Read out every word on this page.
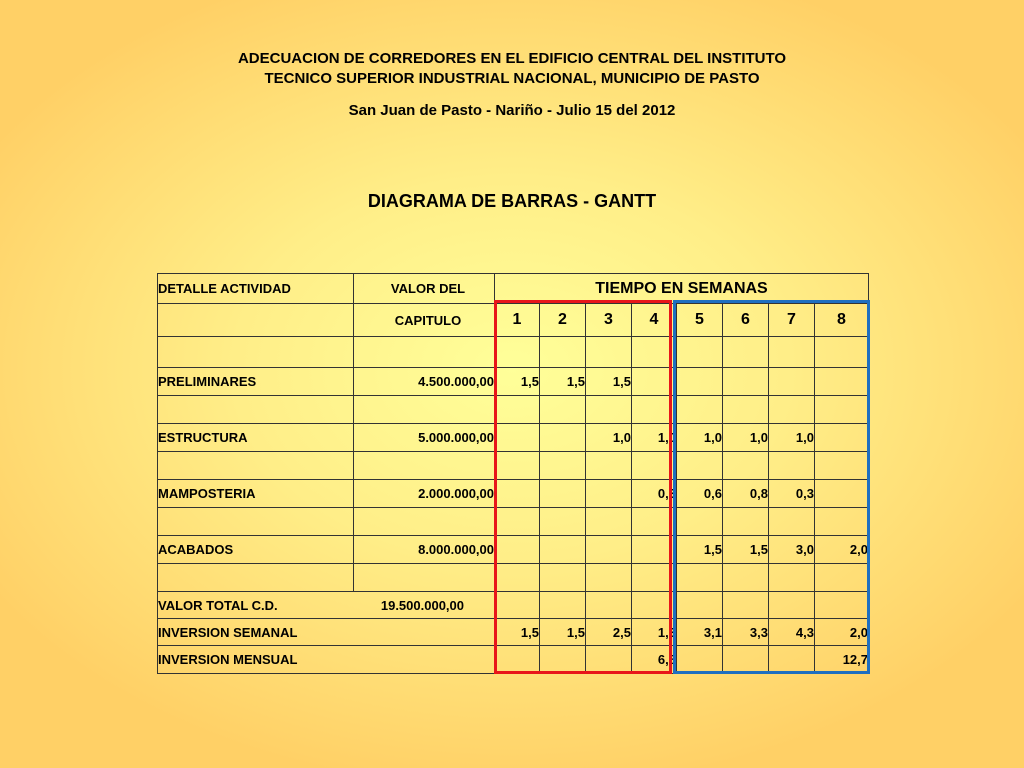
ADECUACION DE CORREDORES EN EL EDIFICIO CENTRAL DEL INSTITUTO
TECNICO SUPERIOR INDUSTRIAL NACIONAL, MUNICIPIO DE PASTO
San Juan de Pasto - Nariño - Julio 15 del 2012
DIAGRAMA DE BARRAS - GANTT
DETALLE ACTIVIDAD	VALOR DEL	TIEMPO EN SEMANAS							
	CAPITULO	1	2	3	4	5	6	7	8

PRELIMINARES	4.500.000,00	1,5	1,5	1,5					

ESTRUCTURA	5.000.000,00			1,0	1,0	1,0	1,0	1,0	

MAMPOSTERIA	2.000.000,00				0,3	0,6	0,8	0,3	

ACABADOS	8.000.000,00					1,5	1,5	3,0	2,0

VALOR TOTAL C.D. 19.500.000,00									

INVERSION SEMANAL		1,5	1,5	2,5	1,3	3,1	3,3	4,3	2,0
INVERSION MENSUAL					6,8				12,7
